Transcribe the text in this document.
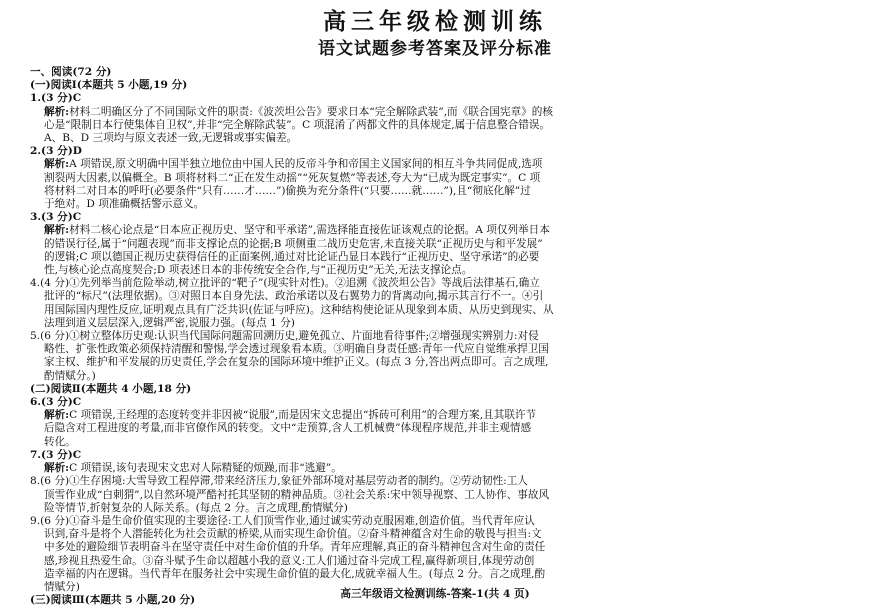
高三年级检测训练
语文试题参考答案及评分标准
一、阅读(72 分)
(一)阅读Ⅰ(本题共 5 小题,19 分)
1.(3 分)C
解析:材料二明确区分了不同国际文件的职责:《波茨坦公告》要求日本“完全解除武装”,而《联合国宪章》的核
心是“限制日本行使集体自卫权”,并非“完全解除武装”。C 项混淆了两都文件的具体规定,属于信息整合错误。
A、B、D 三项均与原文表述一致,无逻辑或事实偏差。
2.(3 分)D
解析:A 项错误,原文明确中国半独立地位由中国人民的反帝斗争和帝国主义国家间的相互斗争共同促成,选项
割裂两大因素,以偏概全。B 项将材料二“正在发生动摇”“死灰复燃”等表述,夸大为“已成为既定事实”。C 项
将材料二对日本的呼吁(必要条件“只有……才……”)偷换为充分条件(“只要……就……”),且“彻底化解”过
于绝对。D 项准确概括警示意义。
3.(3 分)C
解析:材料二核心论点是“日本应正视历史、坚守和平承诺”,需选择能直接佐证该观点的论据。A 项仅列举日本
的错误行径,属于“问题表现”而非支撑论点的论据;B 项侧重二战历史危害,未直接关联“正视历史与和平发展”
的逻辑;C 项以德国正视历史获得信任的正面案例,通过对比论证凸显日本践行“正视历史、坚守承诺”的必要
性,与核心论点高度契合;D 项表述日本的非传统安全合作,与“正视历史”无关,无法支撑论点。
4.(4 分)①先列举当前危险举动,树立批评的“靶子”(现实针对性)。②追溯《波茨坦公告》等战后法律基石,确立
批评的“标尺”(法理依据)。③对照日本自身先法、政治承诺以及右翼势力的背离动向,揭示其言行不一。④引
用国际国内理性反应,证明观点具有广泛共识(佐证与呼应)。这种结构使论证从现象到本质、从历史到现实、从
法理到道义层层深入,逻辑严密,说服力强。(每点 1 分)
5.(6 分)①树立整体历史观:认识当代国际问题需回溯历史,避免孤立、片面地看待事件;②增强现实辨别力:对侵
略性、扩张性政策必须保持清醒和警惕,学会透过现象看本质。③明确自身责任感:青年一代应自觉维承捍卫国
家主权、维护和平发展的历史责任,学会在复杂的国际环境中维护正义。(每点 3 分,答出两点即可。言之成理,
酌情赋分。)
(二)阅读Ⅱ(本题共 4 小题,18 分)
6.(3 分)C
解析:C 项错误,王经理的态度转变并非因被“说服”,而是因宋文忠提出“拆砖可利用”的合理方案,且其联许节
后隐含对工程进度的考量,而非官僚作风的转变。文中“走预算,含人工机械费”体现程序规范,并非主观情感
转化。
7.(3 分)C
解析:C 项错误,该句表现宋文忠对人际精疑的烦躁,而非“逃避”。
8.(6 分)①生存困境:大雪导致工程停滞,带来经济压力,象征外部环境对基层劳动者的制约。②劳动韧性:工人
顶雪作业成“白刺猬”,以自然环境严酷衬托其坚韧的精神品质。③社会关系:宋中领导视察、工人协作、事故风
险等情节,折射复杂的人际关系。(每点 2 分。言之成理,酌情赋分)
9.(6 分)①奋斗是生命价值实现的主要途径:工人们顶雪作业,通过诚实劳动克服困难,创造价值。当代青年应认
识到,奋斗是将个人潜能转化为社会贡献的桥梁,从而实现生命价值。②奋斗精神蕴含对生命的敬畏与担当:文
中多处的避险细节表明奋斗在坚守责任中对生命价值的升华。青年应理解,真正的奋斗精神包含对生命的责任
感,珍视且热爱生命。③奋斗赋予生命以超越小我的意义:工人们通过奋斗完成工程,赢得新项目,体现劳动创
造幸福的内在逻辑。当代青年在服务社会中实现生命价值的最大化,成就幸福人生。(每点 2 分。言之成理,酌
情赋分)
(三)阅读Ⅲ(本题共 5 小题,20 分)
高三年级语文检测训练-答案-1(共 4 页)
